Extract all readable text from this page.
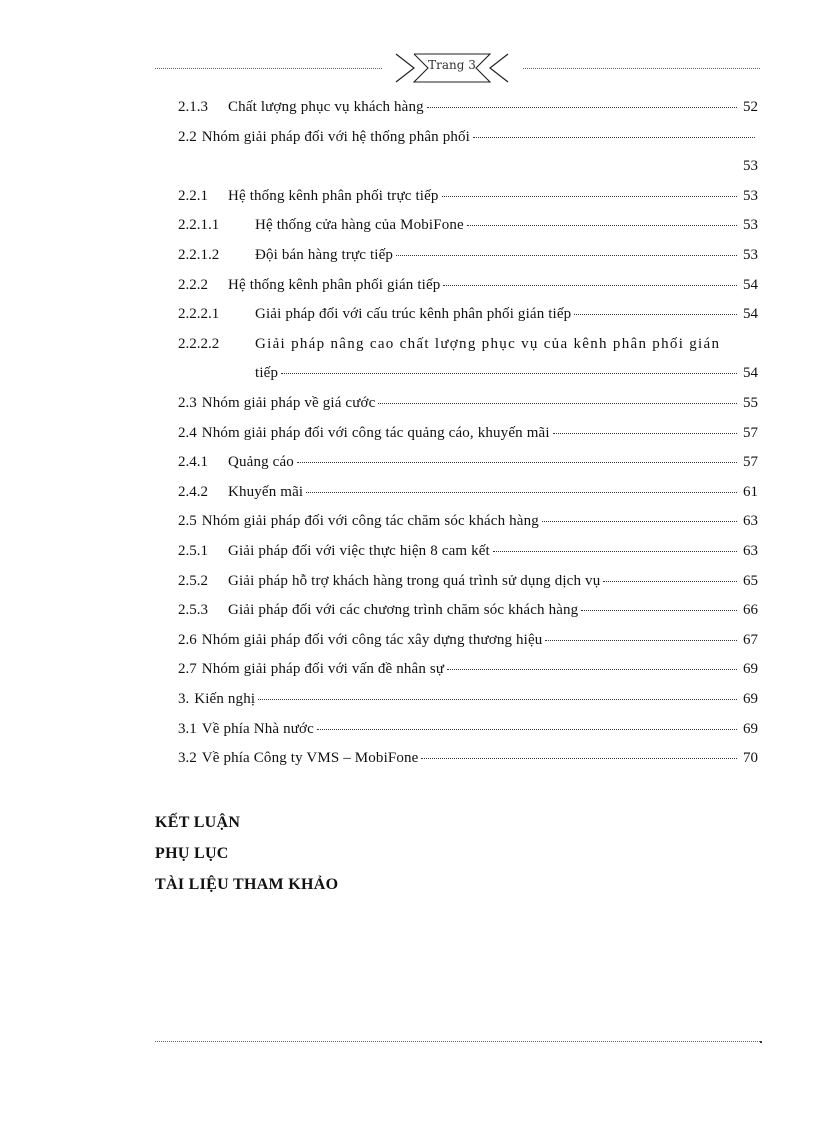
Trang 3
2.1.3	Chất lượng phục vụ khách hàng	52
2.2 Nhóm giải pháp đối với hệ thống phân phối
53
2.2.1	Hệ thống kênh phân phối trực tiếp	53
2.2.1.1	Hệ thống cửa hàng của MobiFone	53
2.2.1.2	Đội bán hàng trực tiếp	53
2.2.2	Hệ thống kênh phân phối gián tiếp	54
2.2.2.1	Giải pháp đối với cấu trúc kênh phân phối gián tiếp	54
2.2.2.2	Giải pháp nâng cao chất lượng phục vụ của kênh phân phối gián
tiếp	54
2.3 Nhóm giải pháp về giá cước	55
2.4 Nhóm giải pháp đối với công tác quảng cáo, khuyến mãi	57
2.4.1	Quảng cáo	57
2.4.2	Khuyến mãi	61
2.5 Nhóm giải pháp đối với công tác chăm sóc khách hàng	63
2.5.1	Giải pháp đối với việc thực hiện 8 cam kết	63
2.5.2	Giải pháp hỗ trợ khách hàng trong quá trình sử dụng dịch vụ	65
2.5.3	Giải pháp đối với các chương trình chăm sóc khách hàng	66
2.6 Nhóm giải pháp đối với công tác xây dựng thương hiệu	67
2.7 Nhóm giải pháp đối với vấn đề nhân sự	69
3. Kiến nghị	69
3.1 Về phía Nhà nước	69
3.2 Về phía Công ty VMS – MobiFone	70
KẾT LUẬN
PHỤ LỤC
TÀI LIỆU THAM KHẢO
